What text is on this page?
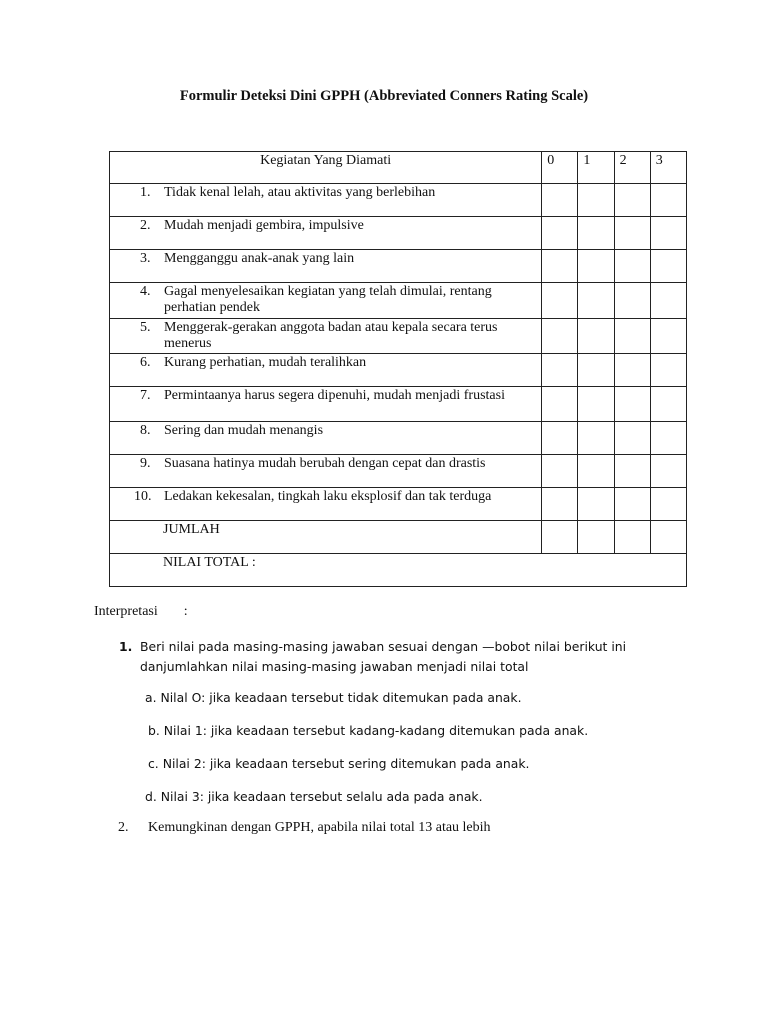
Formulir Deteksi Dini GPPH (Abbreviated Conners Rating Scale)
Kegiatan Yang Diamati	0	1	2	3

1. Tidak kenal lelah, atau aktivitas yang berlebihan				

2. Mudah menjadi gembira, impulsive				

3. Mengganggu anak-anak yang lain				

4. Gagal menyelesaikan kegiatan yang telah dimulai, rentang perhatian pendek				

5. Menggerak-gerakan anggota badan atau kepala secara terus menerus				

6. Kurang perhatian, mudah teralihkan				

7. Permintaanya harus segera dipenuhi, mudah menjadi frustasi				

8. Sering dan mudah menangis				

9. Suasana hatinya mudah berubah dengan cepat dan drastis				

10. Ledakan kekesalan, tingkah laku eksplosif dan tak terduga				

JUMLAH				
NILAI TOTAL :				
Interpretasi :
1. Beri nilai pada masing-masing jawaban sesuai dengan —bobot nilai berikut ini
danjumlahkan nilai masing-masing jawaban menjadi nilai total
a. Nilal O: jika keadaan tersebut tidak ditemukan pada anak.
b. Nilai 1: jika keadaan tersebut kadang-kadang ditemukan pada anak.
c. Nilai 2: jika keadaan tersebut sering ditemukan pada anak.
d. Nilai 3: jika keadaan tersebut selalu ada pada anak.
2. Kemungkinan dengan GPPH, apabila nilai total 13 atau lebih
